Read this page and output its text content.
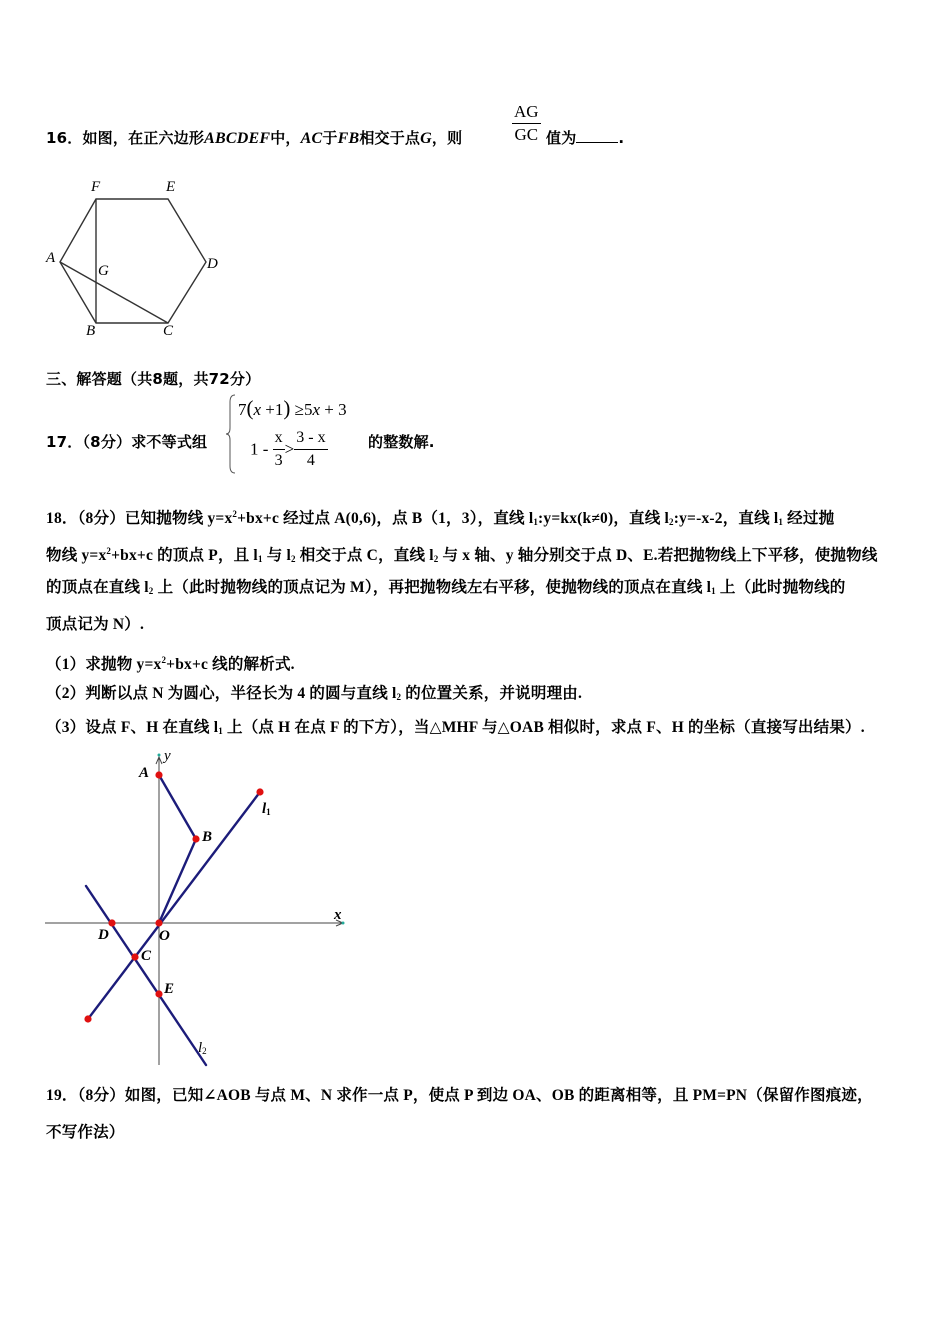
16．如图，在正六边形ABCDEF中，AC于FB相交于点G，则	$\frac{AG}{GC}$ 值为	.
F	E
A	D
G
B	C
三、解答题（共8题，共72分）
17．（8分）求不等式组
7(x +1) ≥5x + 3
$1 - \frac{x}{3} > \frac{3 - x}{4}$	的整数解.
18．（8分）已知抛物线 $y=x^2+bx+c$ 经过点 A(0,6)，点 B（1，3），直线 $l_1:y=kx(k\ne 0)$，直线 $l_2:y=-x-2$，直线 $l_1$ 经过抛
物线 $y=x^2+bx+c$ 的顶点 P，且 $l_1$ 与 $l_2$ 相交于点 C，直线 $l_2$ 与 x 轴、y 轴分别交于点 D、E.若把抛物线上下平移，使抛物线
的顶点在直线 $l_2$ 上（此时抛物线的顶点记为 M），再把抛物线左右平移，使抛物线的顶点在直线 $l_1$ 上（此时抛物线的
顶点记为 N）.
（1）求抛物 $y=x^2+bx+c$ 线的解析式.
（2）判断以点 N 为圆心，半径长为 4 的圆与直线 $l_2$ 的位置关系，并说明理由.
（3）设点 F、H 在直线 $l_1$ 上（点 H 在点 F 的下方），当△MHF 与△OAB 相似时，求点 F、H 的坐标（直接写出结果）.
y
x
A
B
D	O
C
E
$l_1$
$l_2$
19．（8分）如图，已知∠AOB 与点 M、N 求作一点 P，使点 P 到边 OA、OB 的距离相等，且 PM=PN（保留作图痕迹，
不写作法）
